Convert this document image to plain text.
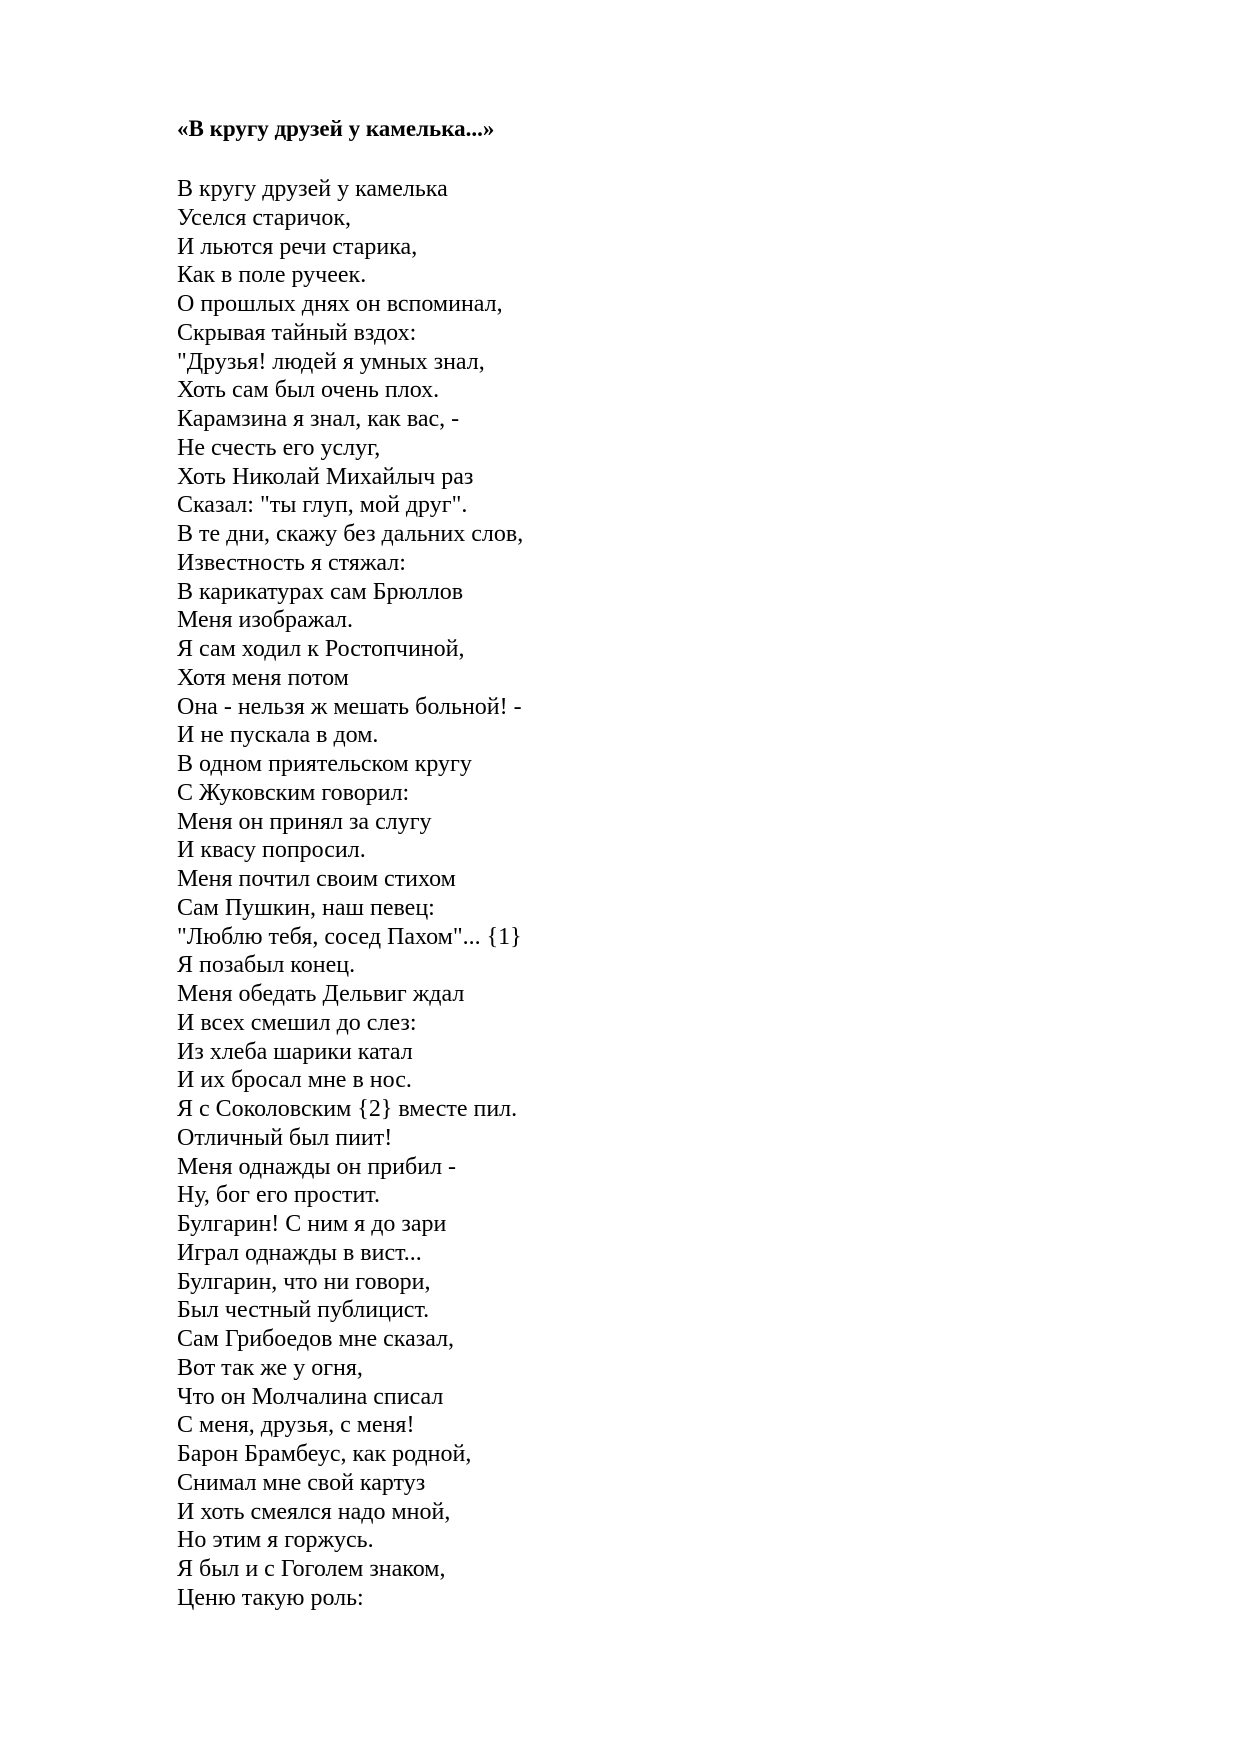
«В кругу друзей у камелька...»
В кругу друзей у камелька
Уселся старичок,
И льются речи старика,
Как в поле ручеек.
О прошлых днях он вспоминал,
Скрывая тайный вздох:
"Друзья! людей я умных знал,
Хоть сам был очень плох.
Карамзина я знал, как вас, -
Не счесть его услуг,
Хоть Николай Михайлыч раз
Сказал: "ты глуп, мой друг".
В те дни, скажу без дальних слов,
Известность я стяжал:
В карикатурах сам Брюллов
Меня изображал.
Я сам ходил к Ростопчиной,
Хотя меня потом
Она - нельзя ж мешать больной! -
И не пускала в дом.
В одном приятельском кругу
С Жуковским говорил:
Меня он принял за слугу
И квасу попросил.
Меня почтил своим стихом
Сам Пушкин, наш певец:
"Люблю тебя, сосед Пахом"... {1}
Я позабыл конец.
Меня обедать Дельвиг ждал
И всех смешил до слез:
Из хлеба шарики катал
И их бросал мне в нос.
Я с Соколовским {2} вместе пил.
Отличный был пиит!
Меня однажды он прибил -
Ну, бог его простит.
Булгарин! С ним я до зари
Играл однажды в вист...
Булгарин, что ни говори,
Был честный публицист.
Сам Грибоедов мне сказал,
Вот так же у огня,
Что он Молчалина списал
С меня, друзья, с меня!
Барон Брамбеус, как родной,
Снимал мне свой картуз
И хоть смеялся надо мной,
Но этим я горжусь.
Я был и с Гоголем знаком,
Ценю такую роль:
